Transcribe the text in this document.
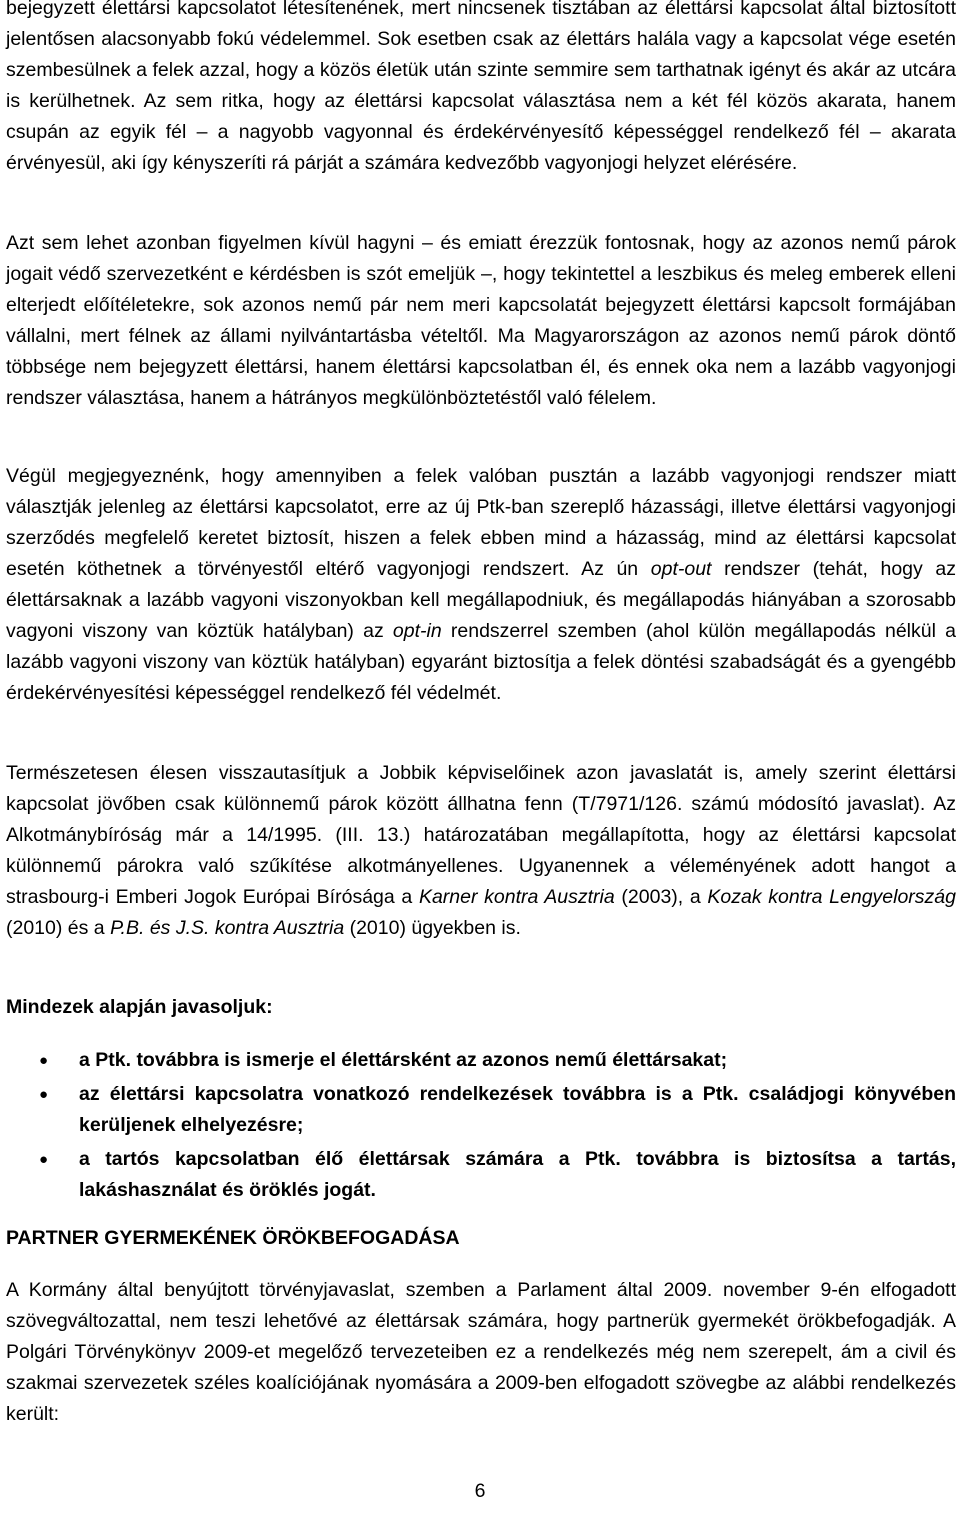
bejegyzett élettársi kapcsolatot létesítenének, mert nincsenek tisztában az élettársi kapcsolat által biztosított jelentősen alacsonyabb fokú védelemmel. Sok esetben csak az élettárs halála vagy a kapcsolat vége esetén szembesülnek a felek azzal, hogy a közös életük után szinte semmire sem tarthatnak igényt és akár az utcára is kerülhetnek. Az sem ritka, hogy az élettársi kapcsolat választása nem a két fél közös akarata, hanem csupán az egyik fél – a nagyobb vagyonnal és érdekérvényesítő képességgel rendelkező fél – akarata érvényesül, aki így kényszeríti rá párját a számára kedvezőbb vagyonjogi helyzet elérésére.

Azt sem lehet azonban figyelmen kívül hagyni – és emiatt érezzük fontosnak, hogy az azonos nemű párok jogait védő szervezetként e kérdésben is szót emeljük –, hogy tekintettel a leszbikus és meleg emberek elleni elterjedt előítéletekre, sok azonos nemű pár nem meri kapcsolatát bejegyzett élettársi kapcsolt formájában vállalni, mert félnek az állami nyilvántartásba vételtől. Ma Magyarországon az azonos nemű párok döntő többsége nem bejegyzett élettársi, hanem élettársi kapcsolatban él, és ennek oka nem a lazább vagyonjogi rendszer választása, hanem a hátrányos megkülönböztetéstől való félelem.

Végül megjegyeznénk, hogy amennyiben a felek valóban pusztán a lazább vagyonjogi rendszer miatt választják jelenleg az élettársi kapcsolatot, erre az új Ptk-ban szereplő házassági, illetve élettársi vagyonjogi szerződés megfelelő keretet biztosít, hiszen a felek ebben mind a házasság, mind az élettársi kapcsolat esetén köthetnek a törvényestől eltérő vagyonjogi rendszert. Az ún opt-out rendszer (tehát, hogy az élettársaknak a lazább vagyoni viszonyokban kell megállapodniuk, és megállapodás hiányában a szorosabb vagyoni viszony van köztük hatályban) az opt-in rendszerrel szemben (ahol külön megállapodás nélkül a lazább vagyoni viszony van köztük hatályban) egyaránt biztosítja a felek döntési szabadságát és a gyengébb érdekérvényesítési képességgel rendelkező fél védelmét.

Természetesen élesen visszautasítjuk a Jobbik képviselőinek azon javaslatát is, amely szerint élettársi kapcsolat jövőben csak különnemű párok között állhatna fenn (T/7971/126. számú módosító javaslat). Az Alkotmánybíróság már a 14/1995. (III. 13.) határozatában megállapította, hogy az élettársi kapcsolat különnemű párokra való szűkítése alkotmányellenes. Ugyanennek a véleményének adott hangot a strasbourg-i Emberi Jogok Európai Bírósága a Karner kontra Ausztria (2003), a Kozak kontra Lengyelország (2010) és a P.B. és J.S. kontra Ausztria (2010) ügyekben is.

Mindezek alapján javasoljuk:

● a Ptk. továbbra is ismerje el élettársként az azonos nemű élettársakat;
● az élettársi kapcsolatra vonatkozó rendelkezések továbbra is a Ptk. családjogi könyvében kerüljenek elhelyezésre;
● a tartós kapcsolatban élő élettársak számára a Ptk. továbbra is biztosítsa a tartás, lakáshasználat és öröklés jogát.

PARTNER GYERMEKÉNEK ÖRÖKBEFOGADÁSA

A Kormány által benyújtott törvényjavaslat, szemben a Parlament által 2009. november 9-én elfogadott szövegváltozattal, nem teszi lehetővé az élettársak számára, hogy partnerük gyermekét örökbefogadják. A Polgári Törvénykönyv 2009-et megelőző tervezeteiben ez a rendelkezés még nem szerepelt, ám a civil és szakmai szervezetek széles koalíciójának nyomására a 2009-ben elfogadott szövegbe az alábbi rendelkezés került:

6
